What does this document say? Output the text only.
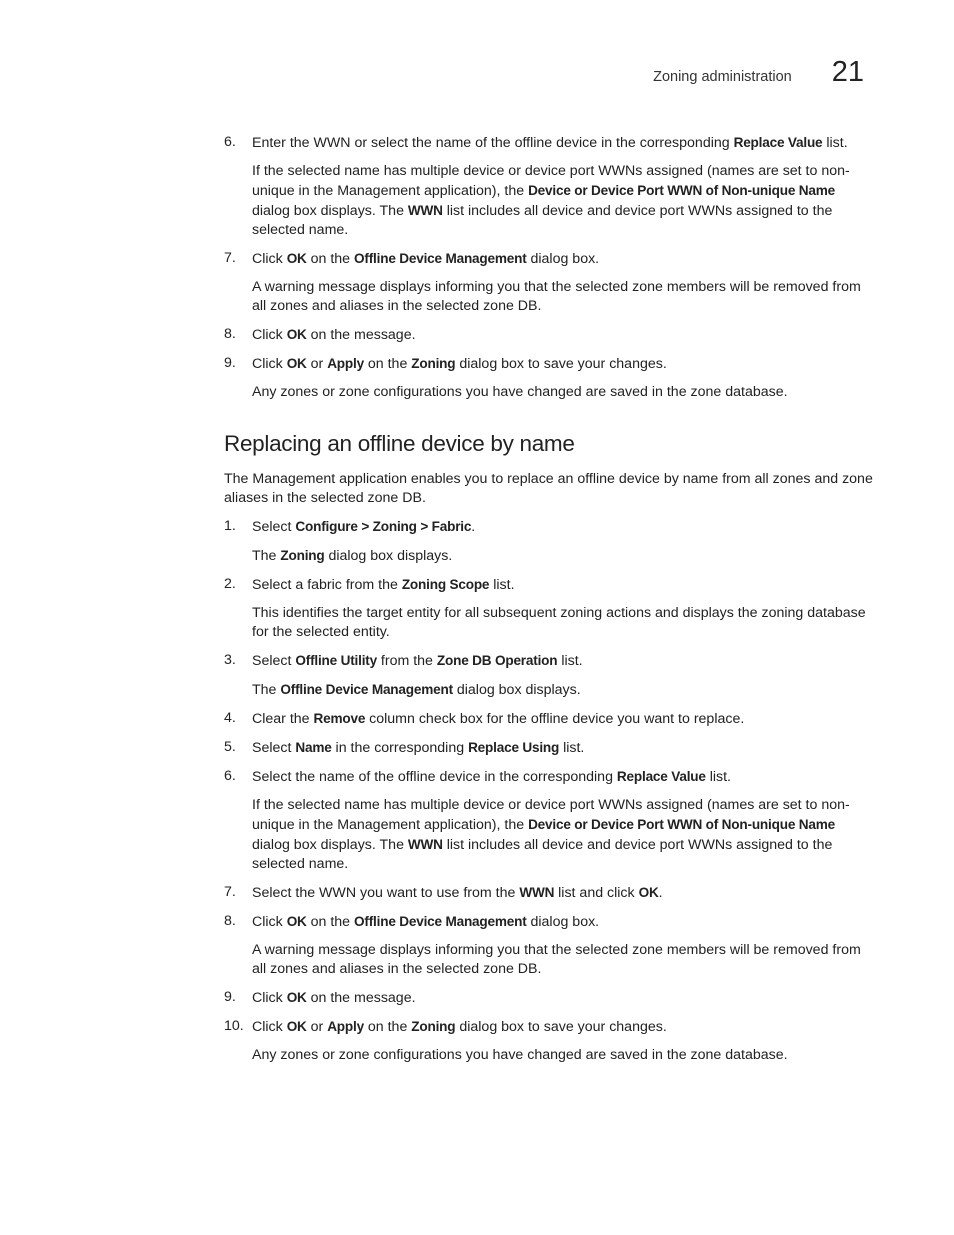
Zoning administration 21
6.	Enter the WWN or select the name of the offline device in the corresponding Replace Value list.
If the selected name has multiple device or device port WWNs assigned (names are set to non-unique in the Management application), the Device or Device Port WWN of Non-unique Name dialog box displays. The WWN list includes all device and device port WWNs assigned to the selected name.
7.	Click OK on the Offline Device Management dialog box.
A warning message displays informing you that the selected zone members will be removed from all zones and aliases in the selected zone DB.
8.	Click OK on the message.
9.	Click OK or Apply on the Zoning dialog box to save your changes.
Any zones or zone configurations you have changed are saved in the zone database.
Replacing an offline device by name
The Management application enables you to replace an offline device by name from all zones and zone aliases in the selected zone DB.
1.	Select Configure > Zoning > Fabric.
The Zoning dialog box displays.
2.	Select a fabric from the Zoning Scope list.
This identifies the target entity for all subsequent zoning actions and displays the zoning database for the selected entity.
3.	Select Offline Utility from the Zone DB Operation list.
The Offline Device Management dialog box displays.
4.	Clear the Remove column check box for the offline device you want to replace.
5.	Select Name in the corresponding Replace Using list.
6.	Select the name of the offline device in the corresponding Replace Value list.
If the selected name has multiple device or device port WWNs assigned (names are set to non-unique in the Management application), the Device or Device Port WWN of Non-unique Name dialog box displays. The WWN list includes all device and device port WWNs assigned to the selected name.
7.	Select the WWN you want to use from the WWN list and click OK.
8.	Click OK on the Offline Device Management dialog box.
A warning message displays informing you that the selected zone members will be removed from all zones and aliases in the selected zone DB.
9.	Click OK on the message.
10. Click OK or Apply on the Zoning dialog box to save your changes.
Any zones or zone configurations you have changed are saved in the zone database.
